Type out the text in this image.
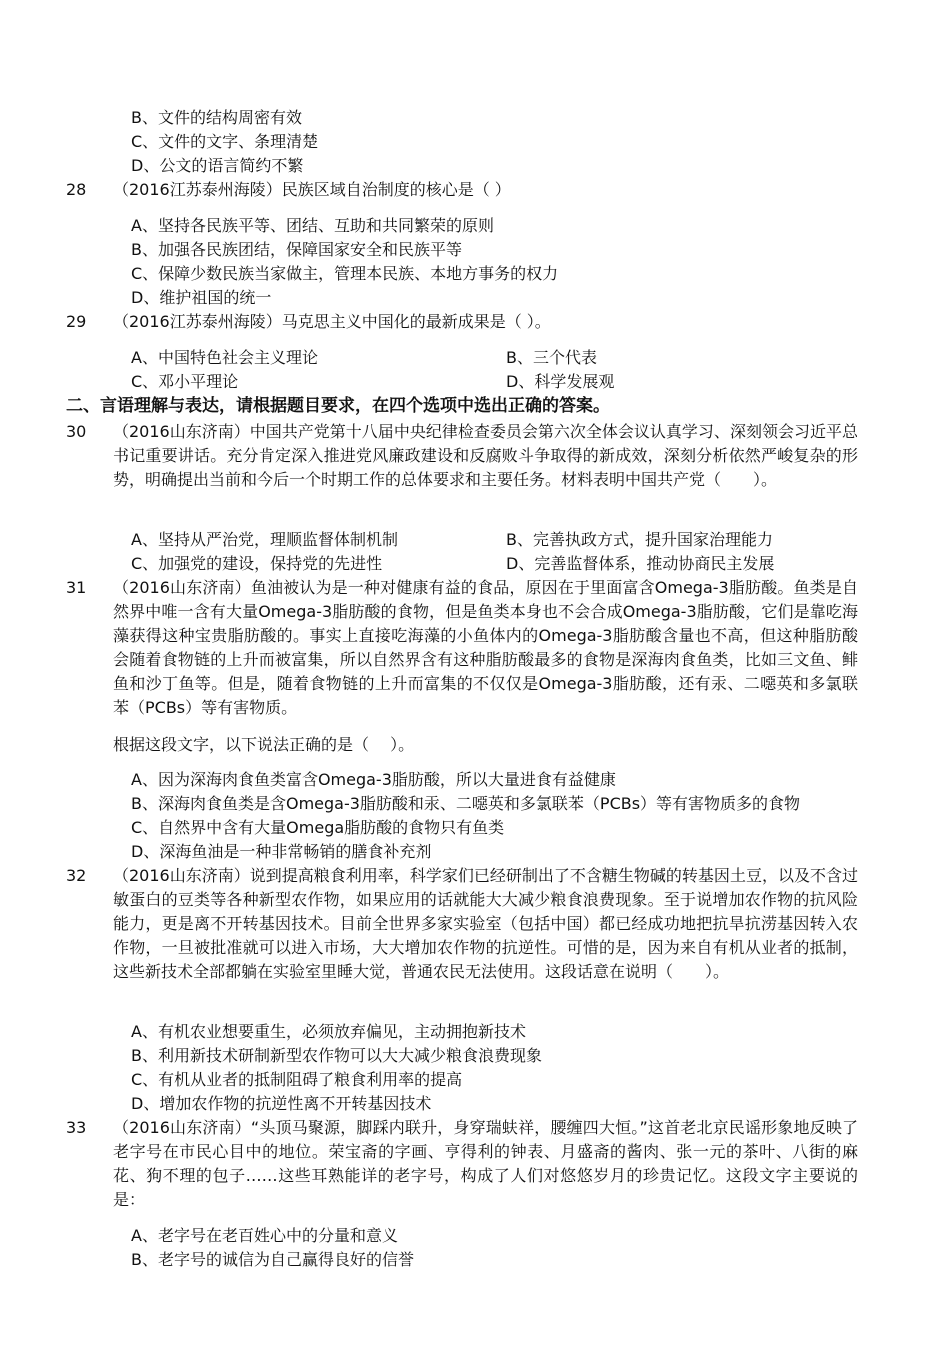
B、文件的结构周密有效
C、文件的文字、条理清楚
D、公文的语言简约不繁
28 （2016江苏泰州海陵）民族区域自治制度的核心是（ ）
A、坚持各民族平等、团结、互助和共同繁荣的原则
B、加强各民族团结，保障国家安全和民族平等
C、保障少数民族当家做主，管理本民族、本地方事务的权力
D、维护祖国的统一
29 （2016江苏泰州海陵）马克思主义中国化的最新成果是（ ）。
A、中国特色社会主义理论	B、三个代表
C、邓小平理论	D、科学发展观
二、言语理解与表达，请根据题目要求，在四个选项中选出正确的答案。
30 （2016山东济南）中国共产党第十八届中央纪律检查委员会第六次全体会议认真学习、深刻领会习近平总书记重要讲话。充分肯定深入推进党风廉政建设和反腐败斗争取得的新成效，深刻分析依然严峻复杂的形势，明确提出当前和今后一个时期工作的总体要求和主要任务。材料表明中国共产党（　　）。
A、坚持从严治党，理顺监督体制机制	B、完善执政方式，提升国家治理能力
C、加强党的建设，保持党的先进性	D、完善监督体系，推动协商民主发展
31 （2016山东济南）鱼油被认为是一种对健康有益的食品，原因在于里面富含Omega-3脂肪酸。鱼类是自然界中唯一含有大量Omega-3脂肪酸的食物，但是鱼类本身也不会合成Omega-3脂肪酸，它们是靠吃海藻获得这种宝贵脂肪酸的。事实上直接吃海藻的小鱼体内的Omega-3脂肪酸含量也不高，但这种脂肪酸会随着食物链的上升而被富集，所以自然界含有这种脂肪酸最多的食物是深海肉食鱼类，比如三文鱼、鲱鱼和沙丁鱼等。但是，随着食物链的上升而富集的不仅仅是Omega-3脂肪酸，还有汞、二噁英和多氯联苯（PCBs）等有害物质。
根据这段文字，以下说法正确的是（　 ）。
A、因为深海肉食鱼类富含Omega-3脂肪酸，所以大量进食有益健康
B、深海肉食鱼类是含Omega-3脂肪酸和汞、二噁英和多氯联苯（PCBs）等有害物质多的食物
C、自然界中含有大量Omega脂肪酸的食物只有鱼类
D、深海鱼油是一种非常畅销的膳食补充剂
32 （2016山东济南）说到提高粮食利用率，科学家们已经研制出了不含糖生物碱的转基因土豆，以及不含过敏蛋白的豆类等各种新型农作物，如果应用的话就能大大减少粮食浪费现象。至于说增加农作物的抗风险能力，更是离不开转基因技术。目前全世界多家实验室（包括中国）都已经成功地把抗旱抗涝基因转入农作物，一旦被批准就可以进入市场，大大增加农作物的抗逆性。可惜的是，因为来自有机从业者的抵制，这些新技术全部都躺在实验室里睡大觉，普通农民无法使用。这段话意在说明（　　）。
A、有机农业想要重生，必须放弃偏见，主动拥抱新技术
B、利用新技术研制新型农作物可以大大减少粮食浪费现象
C、有机从业者的抵制阻碍了粮食利用率的提高
D、增加农作物的抗逆性离不开转基因技术
33 （2016山东济南）“头顶马聚源，脚踩内联升，身穿瑞蚨祥，腰缠四大恒。”这首老北京民谣形象地反映了老字号在市民心目中的地位。荣宝斋的字画、亨得利的钟表、月盛斋的酱肉、张一元的茶叶、八街的麻花、狗不理的包子……这些耳熟能详的老字号，构成了人们对悠悠岁月的珍贵记忆。这段文字主要说的是：
A、老字号在老百姓心中的分量和意义
B、老字号的诚信为自己赢得良好的信誉
